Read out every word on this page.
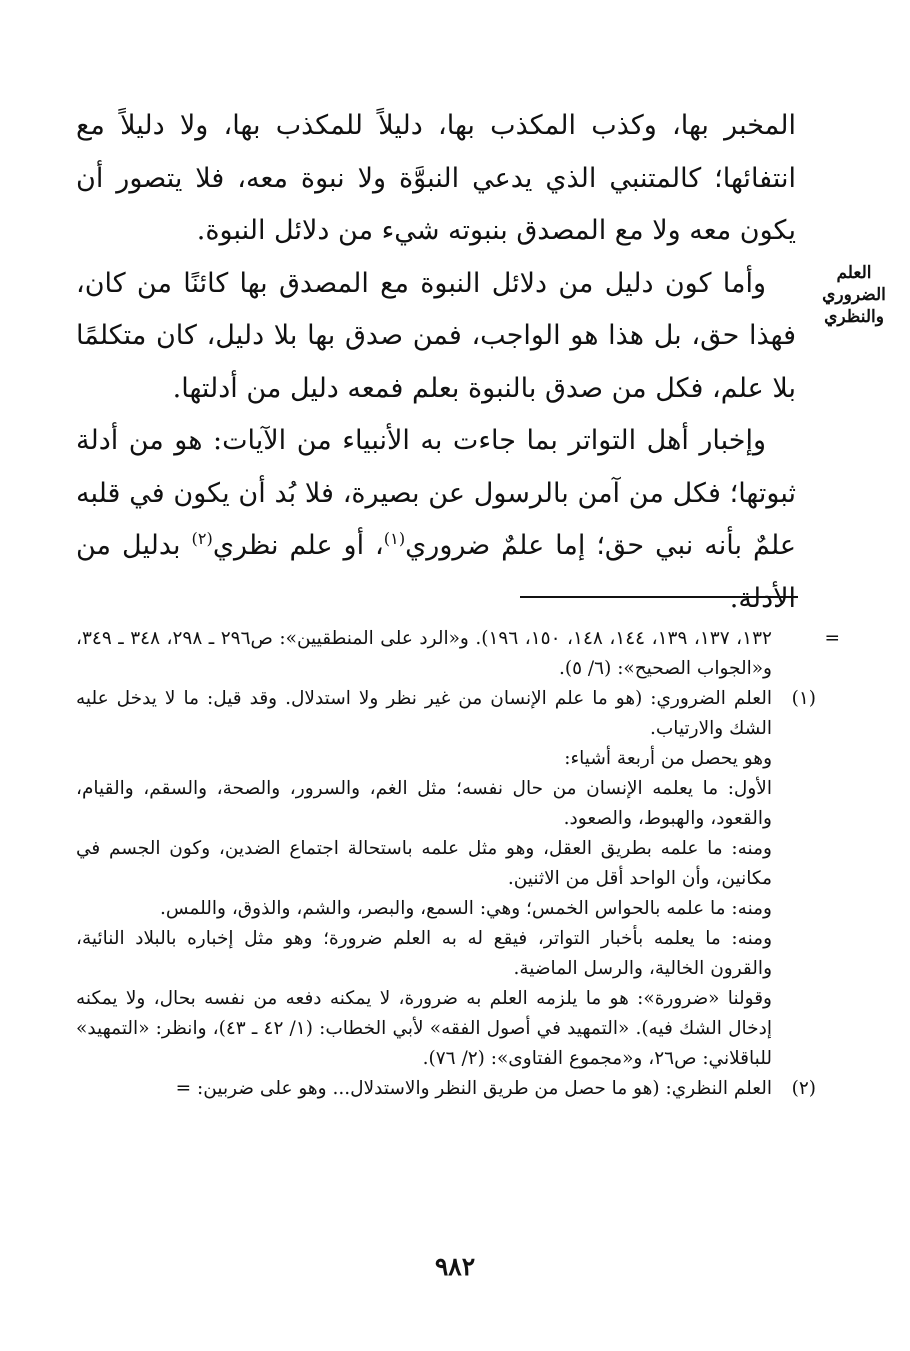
العلم الضروري
والنظري

المخبر بها، وكذب المكذب بها، دليلاً للمكذب بها، ولا دليلاً مع انتفائها؛ كالمتنبي الذي يدعي النبوَّة ولا نبوة معه، فلا يتصور أن يكون معه ولا مع المصدق بنبوته شيء من دلائل النبوة.

وأما كون دليل من دلائل النبوة مع المصدق بها كائنًا من كان، فهذا حق، بل هذا هو الواجب، فمن صدق بها بلا دليل، كان متكلمًا بلا علم، فكل من صدق بالنبوة بعلم فمعه دليل من أدلتها.

وإخبار أهل التواتر بما جاءت به الأنبياء من الآيات: هو من أدلة ثبوتها؛ فكل من آمن بالرسول عن بصيرة، فلا بُد أن يكون في قلبه علمٌ بأنه نبي حق؛ إما علمٌ ضروري$^{(١)}$، أو علم نظري$^{(٢)}$ بدليل من الأدلة.

=
١٣٢، ١٣٧، ١٣٩، ١٤٤، ١٤٨، ١٥٠، ١٩٦). و«الرد على المنطقيين»: ص٢٩٦ ـ ٢٩٨، ٣٤٨ ـ ٣٤٩، و«الجواب الصحيح»: (٦/ ٥).

(١)

العلم الضروري: (هو ما علم الإنسان من غير نظر ولا استدلال. وقد قيل: ما لا يدخل عليه الشك والارتياب.

وهو يحصل من أربعة أشياء:

الأول: ما يعلمه الإنسان من حال نفسه؛ مثل الغم، والسرور، والصحة، والسقم، والقيام، والقعود، والهبوط، والصعود.

ومنه: ما علمه بطريق العقل، وهو مثل علمه باستحالة اجتماع الضدين، وكون الجسم في مكانين، وأن الواحد أقل من الاثنين.

ومنه: ما علمه بالحواس الخمس؛ وهي: السمع، والبصر، والشم، والذوق، واللمس.

ومنه: ما يعلمه بأخبار التواتر، فيقع له به العلم ضرورة؛ وهو مثل إخباره بالبلاد النائية، والقرون الخالية، والرسل الماضية.

وقولنا «ضرورة»: هو ما يلزمه العلم به ضرورة، لا يمكنه دفعه من نفسه بحال، ولا يمكنه إدخال الشك فيه). «التمهيد في أصول الفقه» لأبي الخطاب: (١/ ٤٢ ـ ٤٣)، وانظر: «التمهيد» للباقلاني: ص٢٦، و«مجموع الفتاوى»: (٢/ ٧٦).

(٢)

العلم النظري: (هو ما حصل من طريق النظر والاستدلال... وهو على ضربين: =

٩٨٢
